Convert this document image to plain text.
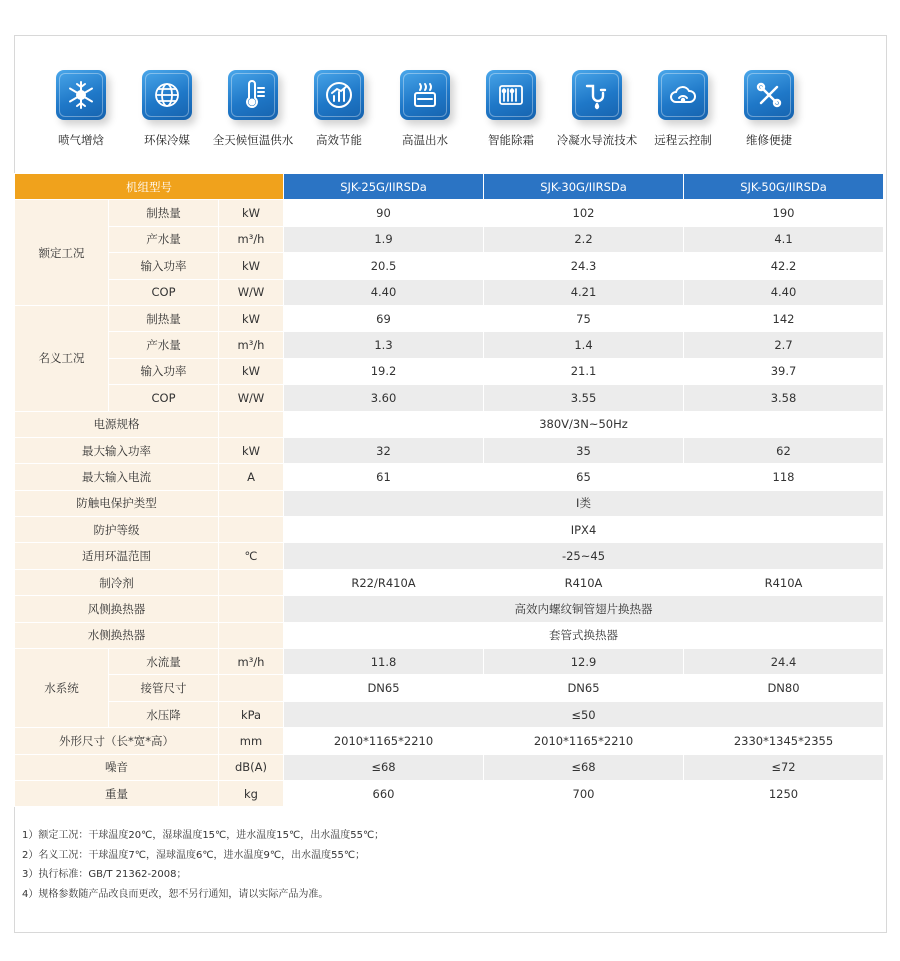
喷气增焓	环保冷媒	全天候恒温供水	高效节能	高温出水	智能除霜	冷凝水导流技术	远程云控制	维修便捷
机组型号			SJK-25G/IIRSDa	SJK-30G/IIRSDa	SJK-50G/IIRSDa
额定工况	制热量	kW	90	102	190
	产水量	m³/h	1.9	2.2	4.1
	输入功率	kW	20.5	24.3	42.2
	COP	W/W	4.40	4.21	4.40
名义工况	制热量	kW	69	75	142
	产水量	m³/h	1.3	1.4	2.7
	输入功率	kW	19.2	21.1	39.7
	COP	W/W	3.60	3.55	3.58
电源规格			380V/3N~50Hz		
最大输入功率		kW	32	35	62
最大输入电流		A	61	65	118
防触电保护类型			I类		
防护等级			IPX4		
适用环温范围		℃	-25~45		
制冷剂			R22/R410A	R410A	R410A
风侧换热器			高效内螺纹铜管翅片换热器		
水侧换热器			套管式换热器		
水系统	水流量	m³/h	11.8	12.9	24.4
	接管尺寸		DN65	DN65	DN80
	水压降	kPa	≤50		
外形尺寸（长*宽*高）		mm	2010*1165*2210	2010*1165*2210	2330*1345*2355
噪音		dB(A)	≤68	≤68	≤72
重量		kg	660	700	1250
1）额定工况：干球温度20℃，湿球温度15℃，进水温度15℃，出水温度55℃；
2）名义工况：干球温度7℃，湿球温度6℃，进水温度9℃，出水温度55℃；
3）执行标准：GB/T 21362-2008；
4）规格参数随产品改良而更改，恕不另行通知，请以实际产品为准。
